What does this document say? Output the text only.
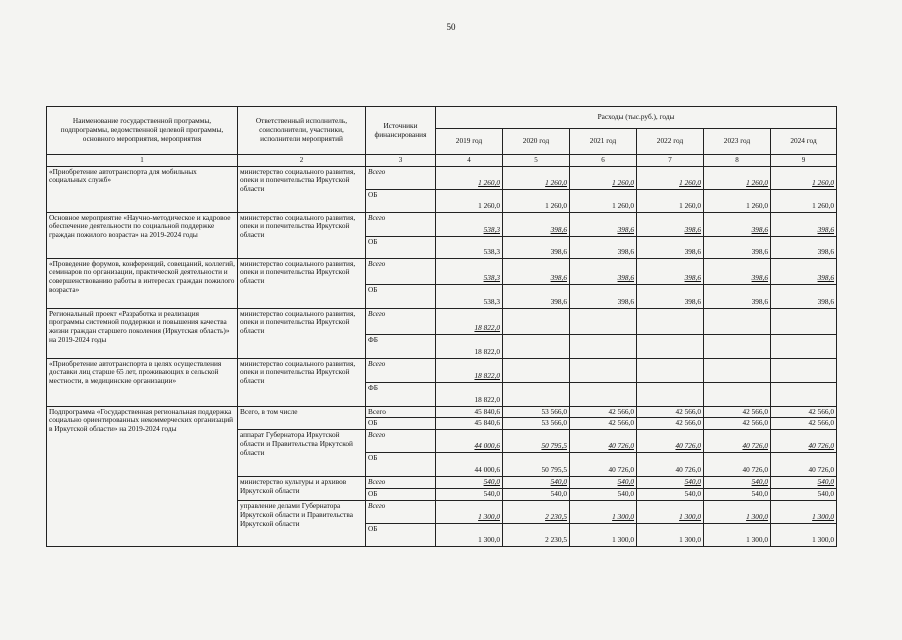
50
Наименование государственной программы, подпрограммы, ведомственной целевой программы, основного мероприятия, мероприятия	Ответственный исполнитель, соисполнители, участники, исполнители мероприятий	Источники финансирования	Расходы (тыс.руб.), годы					
			2019 год	2020 год	2021 год	2022 год	2023 год	2024 год
1	2	3	4	5	6	7	8	9
«Приобретение автотранспорта для мобильных социальных служб»	министерство социального развития, опеки и попечительства Иркутской области	Всего	1 260,0	1 260,0	1 260,0	1 260,0	1 260,0	1 260,0
		ОБ	1 260,0	1 260,0	1 260,0	1 260,0	1 260,0	1 260,0
Основное мероприятие «Научно-методическое и кадровое обеспечение деятельности по социальной поддержке граждан пожилого возраста» на 2019-2024 годы	министерство социального развития, опеки и попечительства Иркутской области	Всего	538,3	398,6	398,6	398,6	398,6	398,6
		ОБ	538,3	398,6	398,6	398,6	398,6	398,6
«Проведение форумов, конференций, совещаний, коллегий, семинаров по организации, практической деятельности и совершенствованию работы в интересах граждан пожилого возраста»	министерство социального развития, опеки и попечительства Иркутской области	Всего	538,3	398,6	398,6	398,6	398,6	398,6
		ОБ	538,3	398,6	398,6	398,6	398,6	398,6
Региональный проект «Разработка и реализация программы системной поддержки и повышения качества жизни граждан старшего поколения (Иркутская область)» на 2019-2024 годы	министерство социального развития, опеки и попечительства Иркутской области	Всего	18 822,0					
		ФБ	18 822,0					
«Приобретение автотранспорта в целях осуществления доставки лиц старше 65 лет, проживающих в сельской местности, в медицинские организации»	министерство социального развития, опеки и попечительства Иркутской области	Всего	18 822,0					
		ФБ	18 822,0					
Подпрограмма «Государственная региональная поддержка социально ориентированных некоммерческих организаций в Иркутской области» на 2019-2024 годы	Всего, в том числе	Всего	45 840,6	53 566,0	42 566,0	42 566,0	42 566,0	42 566,0
		ОБ	45 840,6	53 566,0	42 566,0	42 566,0	42 566,0	42 566,0
	аппарат Губернатора Иркутской области и Правительства Иркутской области	Всего	44 000,6	50 795,5	40 726,0	40 726,0	40 726,0	40 726,0
		ОБ	44 000,6	50 795,5	40 726,0	40 726,0	40 726,0	40 726,0
	министерство культуры и архивов Иркутской области	Всего	540,0	540,0	540,0	540,0	540,0	540,0
		ОБ	540,0	540,0	540,0	540,0	540,0	540,0
	управление делами Губернатора Иркутской области и Правительства Иркутской области	Всего	1 300,0	2 230,5	1 300,0	1 300,0	1 300,0	1 300,0
		ОБ	1 300,0	2 230,5	1 300,0	1 300,0	1 300,0	1 300,0
